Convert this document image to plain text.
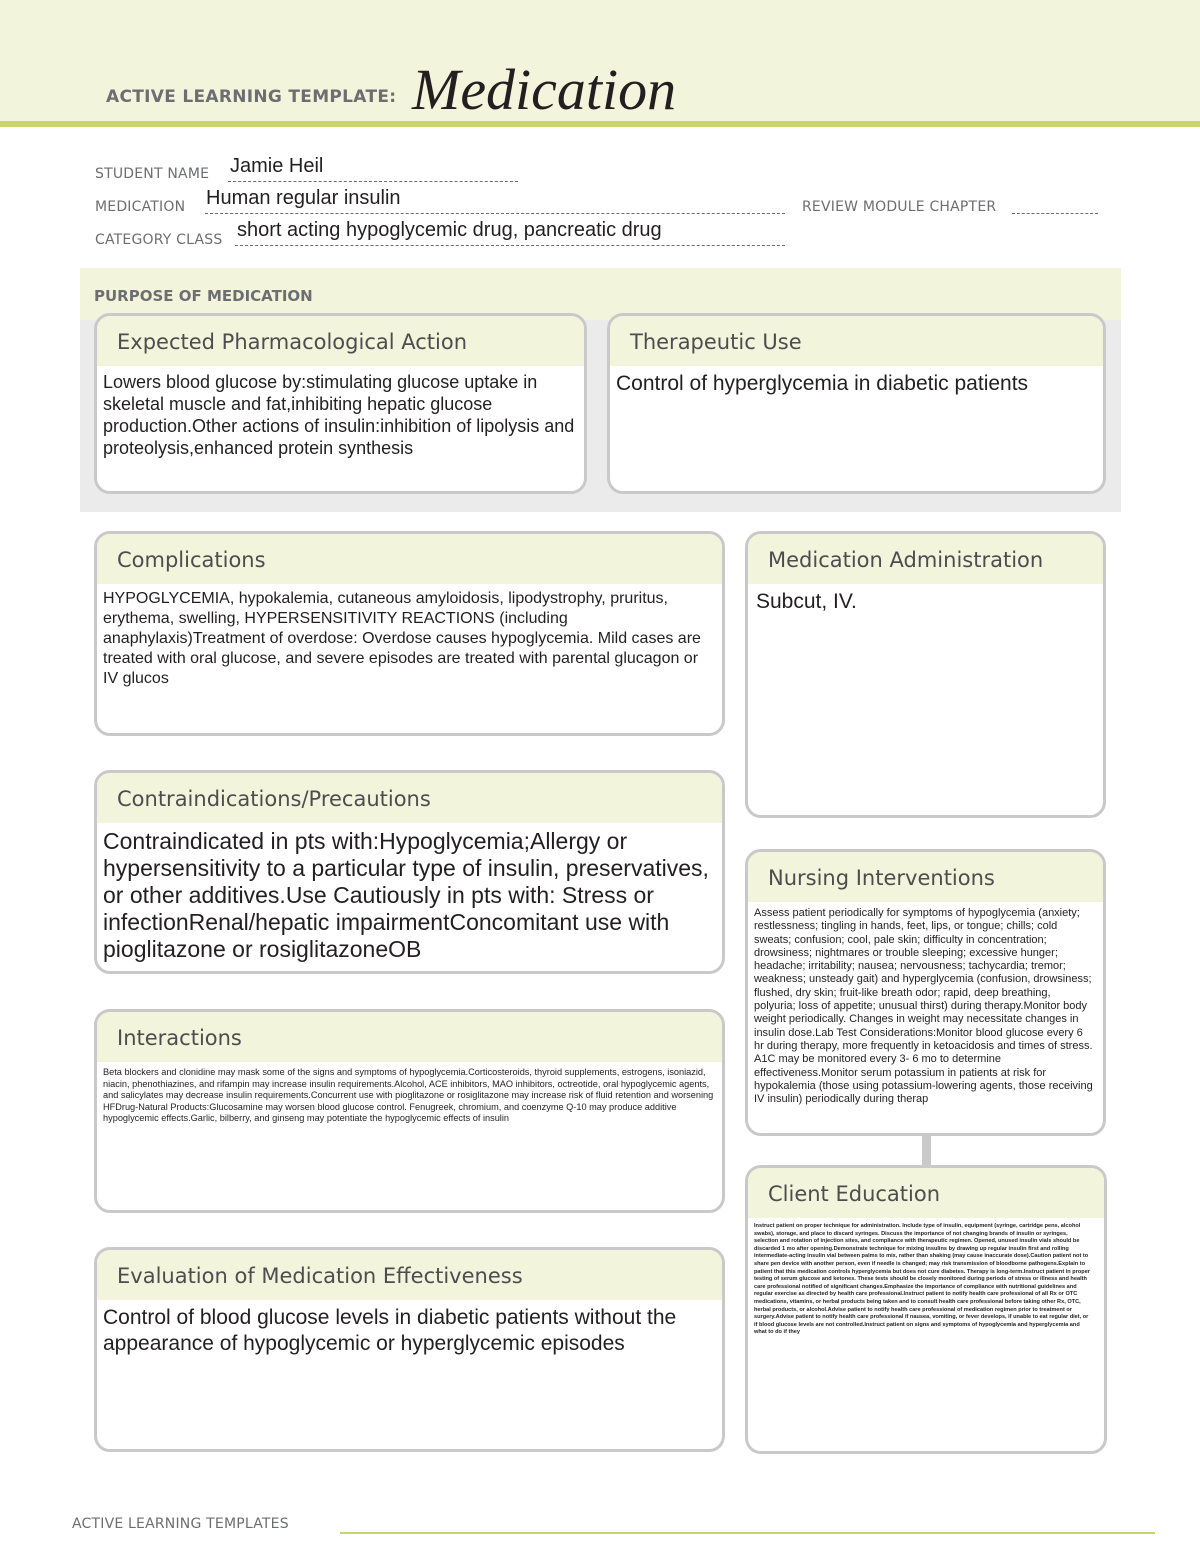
ACTIVE LEARNING TEMPLATE: Medication
STUDENT NAME Jamie Heil
MEDICATION Human regular insulin	REVIEW MODULE CHAPTER
CATEGORY CLASS short acting hypoglycemic drug, pancreatic drug
PURPOSE OF MEDICATION
Expected Pharmacological Action
Lowers blood glucose by:stimulating glucose uptake in skeletal muscle and fat,inhibiting hepatic glucose production.Other actions of insulin:inhibition of lipolysis and proteolysis,enhanced protein synthesis
Therapeutic Use
Control of hyperglycemia in diabetic patients
Complications
HYPOGLYCEMIA, hypokalemia, cutaneous amyloidosis, lipodystrophy, pruritus, erythema, swelling, HYPERSENSITIVITY REACTIONS (including anaphylaxis)Treatment of overdose: Overdose causes hypoglycemia. Mild cases are treated with oral glucose, and severe episodes are treated with parental glucagon or IV glucos
Contraindications/Precautions
Contraindicated in pts with:Hypoglycemia;Allergy or hypersensitivity to a particular type of insulin, preservatives, or other additives.Use Cautiously in pts with: Stress or infectionRenal/hepatic impairmentConcomitant use with pioglitazone or rosiglitazoneOB
Interactions
Beta blockers and clonidine may mask some of the signs and symptoms of hypoglycemia.Corticosteroids, thyroid supplements, estrogens, isoniazid, niacin, phenothiazines, and rifampin may increase insulin requirements.Alcohol, ACE inhibitors, MAO inhibitors, octreotide, oral hypoglycemic agents, and salicylates may decrease insulin requirements.Concurrent use with pioglitazone or rosiglitazone may increase risk of fluid retention and worsening HFDrug-Natural Products:Glucosamine may worsen blood glucose control. Fenugreek, chromium, and coenzyme Q-10 may produce additive hypoglycemic effects.Garlic, bilberry, and ginseng may potentiate the hypoglycemic effects of insulin
Evaluation of Medication Effectiveness
Control of blood glucose levels in diabetic patients without the appearance of hypoglycemic or hyperglycemic episodes
Medication Administration
Subcut, IV.
Nursing Interventions
Assess patient periodically for symptoms of hypoglycemia (anxiety; restlessness; tingling in hands, feet, lips, or tongue; chills; cold sweats; confusion; cool, pale skin; difficulty in concentration; drowsiness; nightmares or trouble sleeping; excessive hunger; headache; irritability; nausea; nervousness; tachycardia; tremor; weakness; unsteady gait) and hyperglycemia (confusion, drowsiness; flushed, dry skin; fruit-like breath odor; rapid, deep breathing, polyuria; loss of appetite; unusual thirst) during therapy.Monitor body weight periodically. Changes in weight may necessitate changes in insulin dose.Lab Test Considerations:Monitor blood glucose every 6 hr during therapy, more frequently in ketoacidosis and times of stress. A1C may be monitored every 3- 6 mo to determine effectiveness.Monitor serum potassium in patients at risk for hypokalemia (those using potassium-lowering agents, those receiving IV insulin) periodically during therap
Client Education
Instruct patient on proper technique for administration. Include type of insulin, equipment (syringe, cartridge pens, alcohol swabs), storage, and place to discard syringes. Discuss the importance of not changing brands of insulin or syringes, selection and rotation of injection sites, and compliance with therapeutic regimen. Opened, unused insulin vials should be discarded 1 mo after opening.Demonstrate technique for mixing insulins by drawing up regular insulin first and rolling intermediate-acting insulin vial between palms to mix, rather than shaking (may cause inaccurate dose).Caution patient not to share pen device with another person, even if needle is changed; may risk transmission of bloodborne pathogens.Explain to patient that this medication controls hyperglycemia but does not cure diabetes. Therapy is long-term.Instruct patient in proper testing of serum glucose and ketones. These tests should be closely monitored during periods of stress or illness and health care professional notified of significant changes.Emphasize the importance of compliance with nutritional guidelines and regular exercise as directed by health care professional.Instruct patient to notify health care professional of all Rx or OTC medications, vitamins, or herbal products being taken and to consult health care professional before taking other Rx, OTC, herbal products, or alcohol.Advise patient to notify health care professional of medication regimen prior to treatment or surgery.Advise patient to notify health care professional if nausea, vomiting, or fever develops, if unable to eat regular diet, or if blood glucose levels are not controlled.Instruct patient on signs and symptoms of hypoglycemia and hyperglycemia and what to do if they
ACTIVE LEARNING TEMPLATES
